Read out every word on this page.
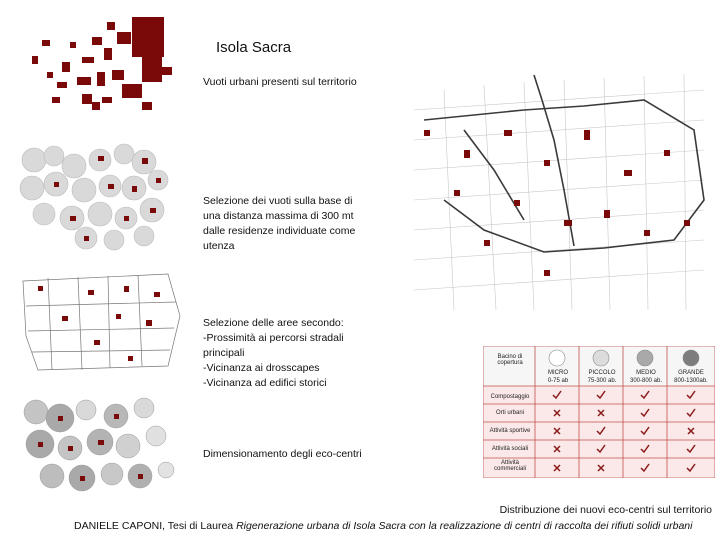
Isola Sacra
Vuoti urbani presenti sul territorio
Selezione dei vuoti sulla base di una distanza massima di 300 mt dalle residenze individuate come utenza
Selezione delle aree secondo:
-Prossimità ai percorsi stradali principali
-Vicinanza ai drosscapes
-Vicinanza ad edifici storici
Dimensionamento degli eco-centri
Bacino di copertura
MICRO
0-75 ab
PICCOLO
75-300 ab.
MEDIO
300-800 ab.
GRANDE
800-1300ab.
Compostaggio
Orti urbani
Attività sportive
Attività sociali
Attività commerciali
Distribuzione dei nuovi eco-centri sul territorio
DANIELE CAPONI, Tesi di Laurea Rigenerazione urbana di Isola Sacra con la realizzazione di centri di raccolta dei rifiuti solidi urbani
